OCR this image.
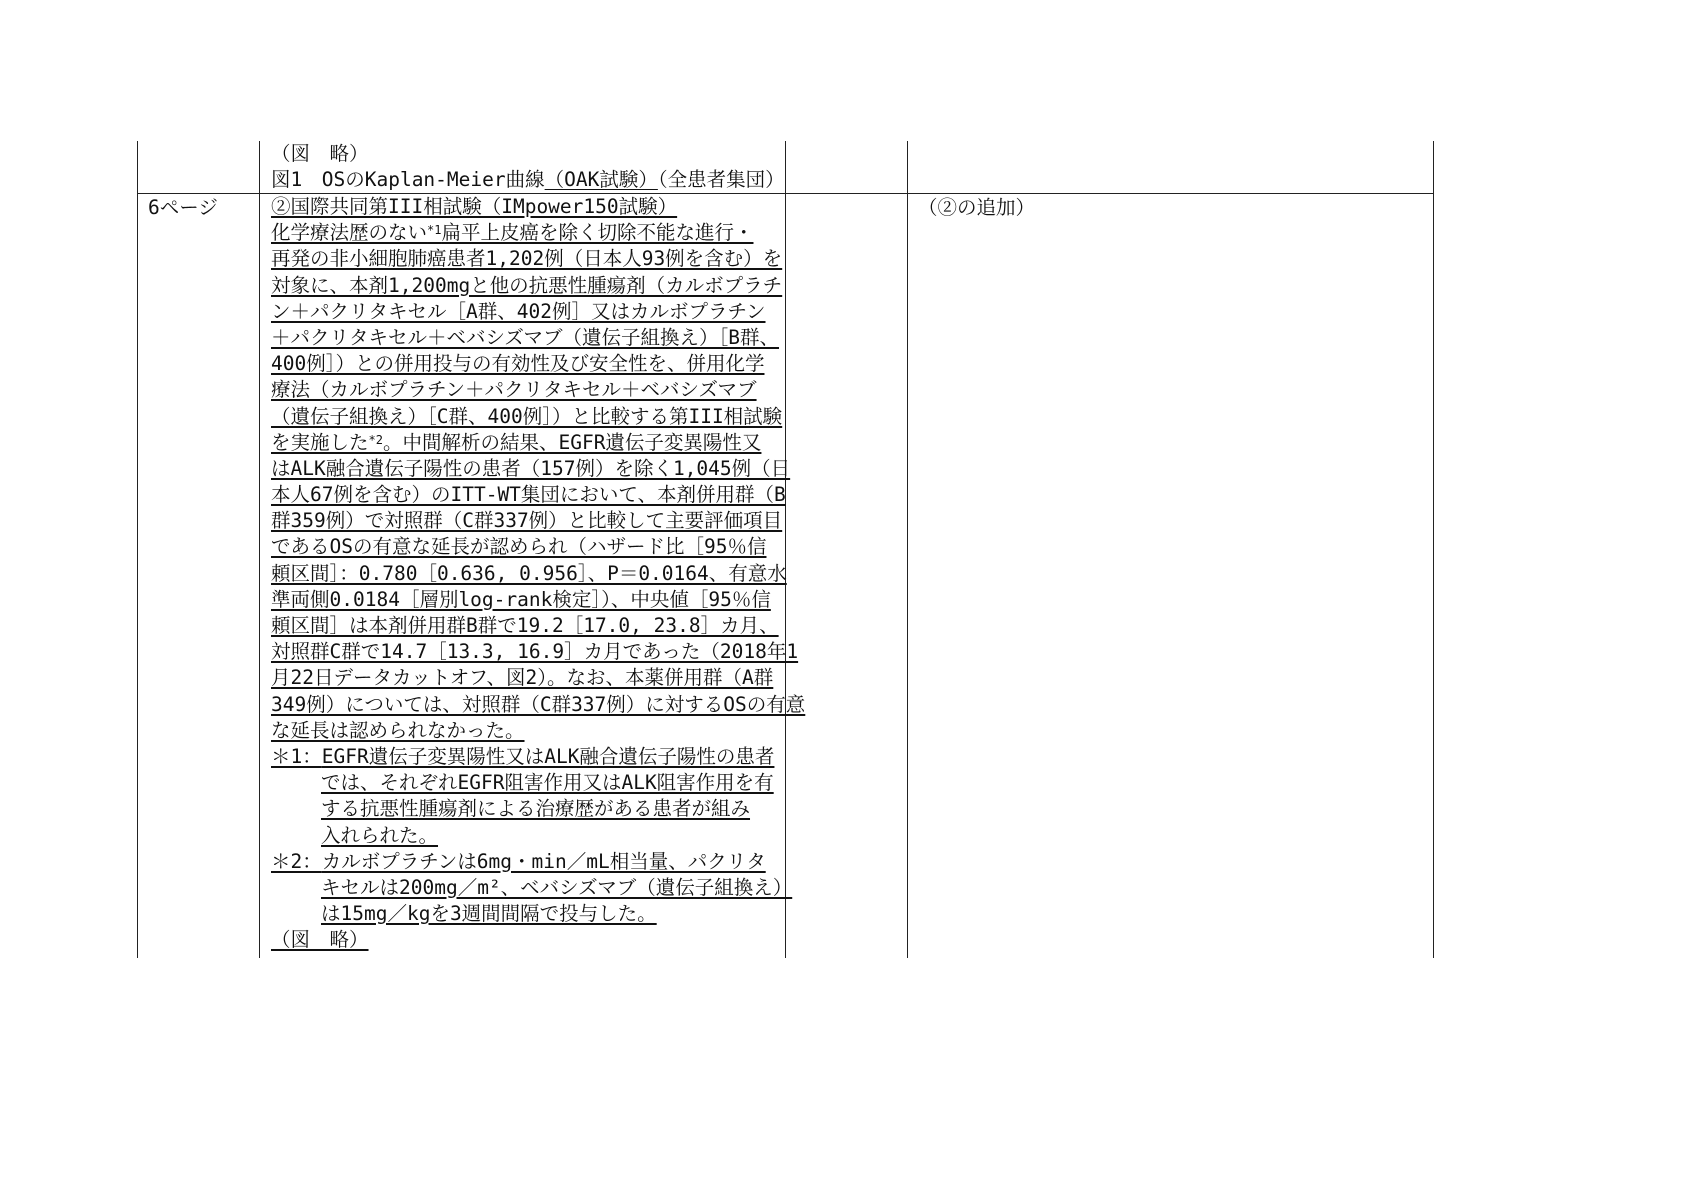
（図　略）
図1　OSのKaplan-Meier曲線（OAK試験）（全患者集団）
6ページ	（②の追加）
②国際共同第III相試験（IMpower150試験）
化学療法歴のない$^{*1}$扁平上皮癌を除く切除不能な進行・
再発の非小細胞肺癌患者1,202例（日本人93例を含む）を
対象に、本剤1,200mgと他の抗悪性腫瘍剤（カルボプラチ
ン＋パクリタキセル［A群、402例］又はカルボプラチン
＋パクリタキセル＋ベバシズマブ（遺伝子組換え）［B群、
400例］）との併用投与の有効性及び安全性を、併用化学
療法（カルボプラチン＋パクリタキセル＋ベバシズマブ
（遺伝子組換え）［C群、400例］）と比較する第III相試験
を実施した$^{*2}$。中間解析の結果、EGFR遺伝子変異陽性又
はALK融合遺伝子陽性の患者（157例）を除く1,045例（日
本人67例を含む）のITT-WT集団において、本剤併用群（B
群359例）で対照群（C群337例）と比較して主要評価項目
であるOSの有意な延長が認められ（ハザード比［95％信
頼区間］：0.780［0.636, 0.956］、P＝0.0164、有意水
準両側0.0184［層別log-rank検定］）、中央値［95％信
頼区間］は本剤併用群B群で19.2［17.0, 23.8］カ月、
対照群C群で14.7［13.3, 16.9］カ月であった（2018年1
月22日データカットオフ、図2）。なお、本薬併用群（A群
349例）については、対照群（C群337例）に対するOSの有意
な延長は認められなかった。
＊1：EGFR遺伝子変異陽性又はALK融合遺伝子陽性の患者
では、それぞれEGFR阻害作用又はALK阻害作用を有
する抗悪性腫瘍剤による治療歴がある患者が組み
入れられた。
＊2：カルボプラチンは6mg・min／mL相当量、パクリタ
キセルは200mg／m²、ベバシズマブ（遺伝子組換え）
は15mg／kgを3週間間隔で投与した。
（図　略）
